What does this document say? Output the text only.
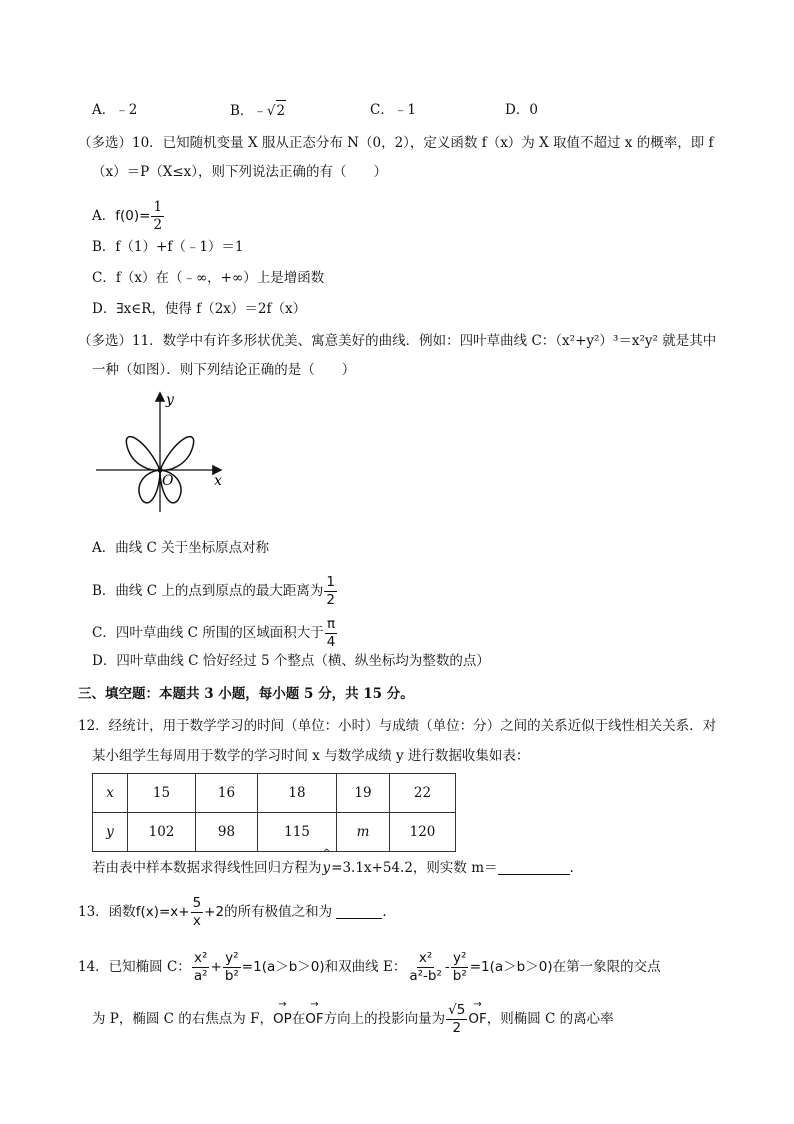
A．﹣2	B．﹣√2	C．﹣1	D．0
（多选）10．已知随机变量 X 服从正态分布 N（0，2），定义函数 f（x）为 X 取值不超过 x 的概率，即 f
（x）＝P（X≤x），则下列说法正确的有（　　）
A．$f(0)= \frac{1}{2}$
B．f（1）+f（﹣1）＝1
C．f（x）在（﹣∞，+∞）上是增函数
D．∃x∈R，使得 f（2x）＝2f（x）
（多选）11．数学中有许多形状优美、寓意美好的曲线．例如：四叶草曲线 C：（x²+y²）³＝x²y² 就是其中
一种（如图）．则下列结论正确的是（　　）
y
x
O
A．曲线 C 关于坐标原点对称
B．曲线 C 上的点到原点的最大距离为 $\frac{1}{2}$
C．四叶草曲线 C 所围的区域面积大于 $\frac{\pi}{4}$
D．四叶草曲线 C 恰好经过 5 个整点（横、纵坐标均为整数的点）
三、填空题：本题共 3 小题，每小题 5 分，共 15 分。
12．经统计，用于数学学习的时间（单位：小时）与成绩（单位：分）之间的关系近似于线性相关关系．对
某小组学生每周用于数学的学习时间 x 与数学成绩 y 进行数据收集如表：
x	15	16	18	19	22
y	102	98	115	m	120
若由表中样本数据求得线性回归方程为
^
y=3.1x+54.2，则实数 m＝	.
13．函数$f(x)=x+ \frac{5}{x} +2$的所有极值之和为	.
14．已知椭圆 C： $\frac{\text{x²}}{\text{a²}} + \frac{\text{y²}}{\text{b²}} =1(a>b>0)$和双曲线 E： $\frac{\text{x²}}{\text{a²-b²}} - \frac{\text{y²}}{\text{b²}} =1(a>b>0)$在第一象限的交点
为 P，椭圆 C 的右焦点为 F，
→
OP在
→
OF方向上的投影向量为 $\frac{√5}{2}$ →
OF，则椭圆 C 的离心率
